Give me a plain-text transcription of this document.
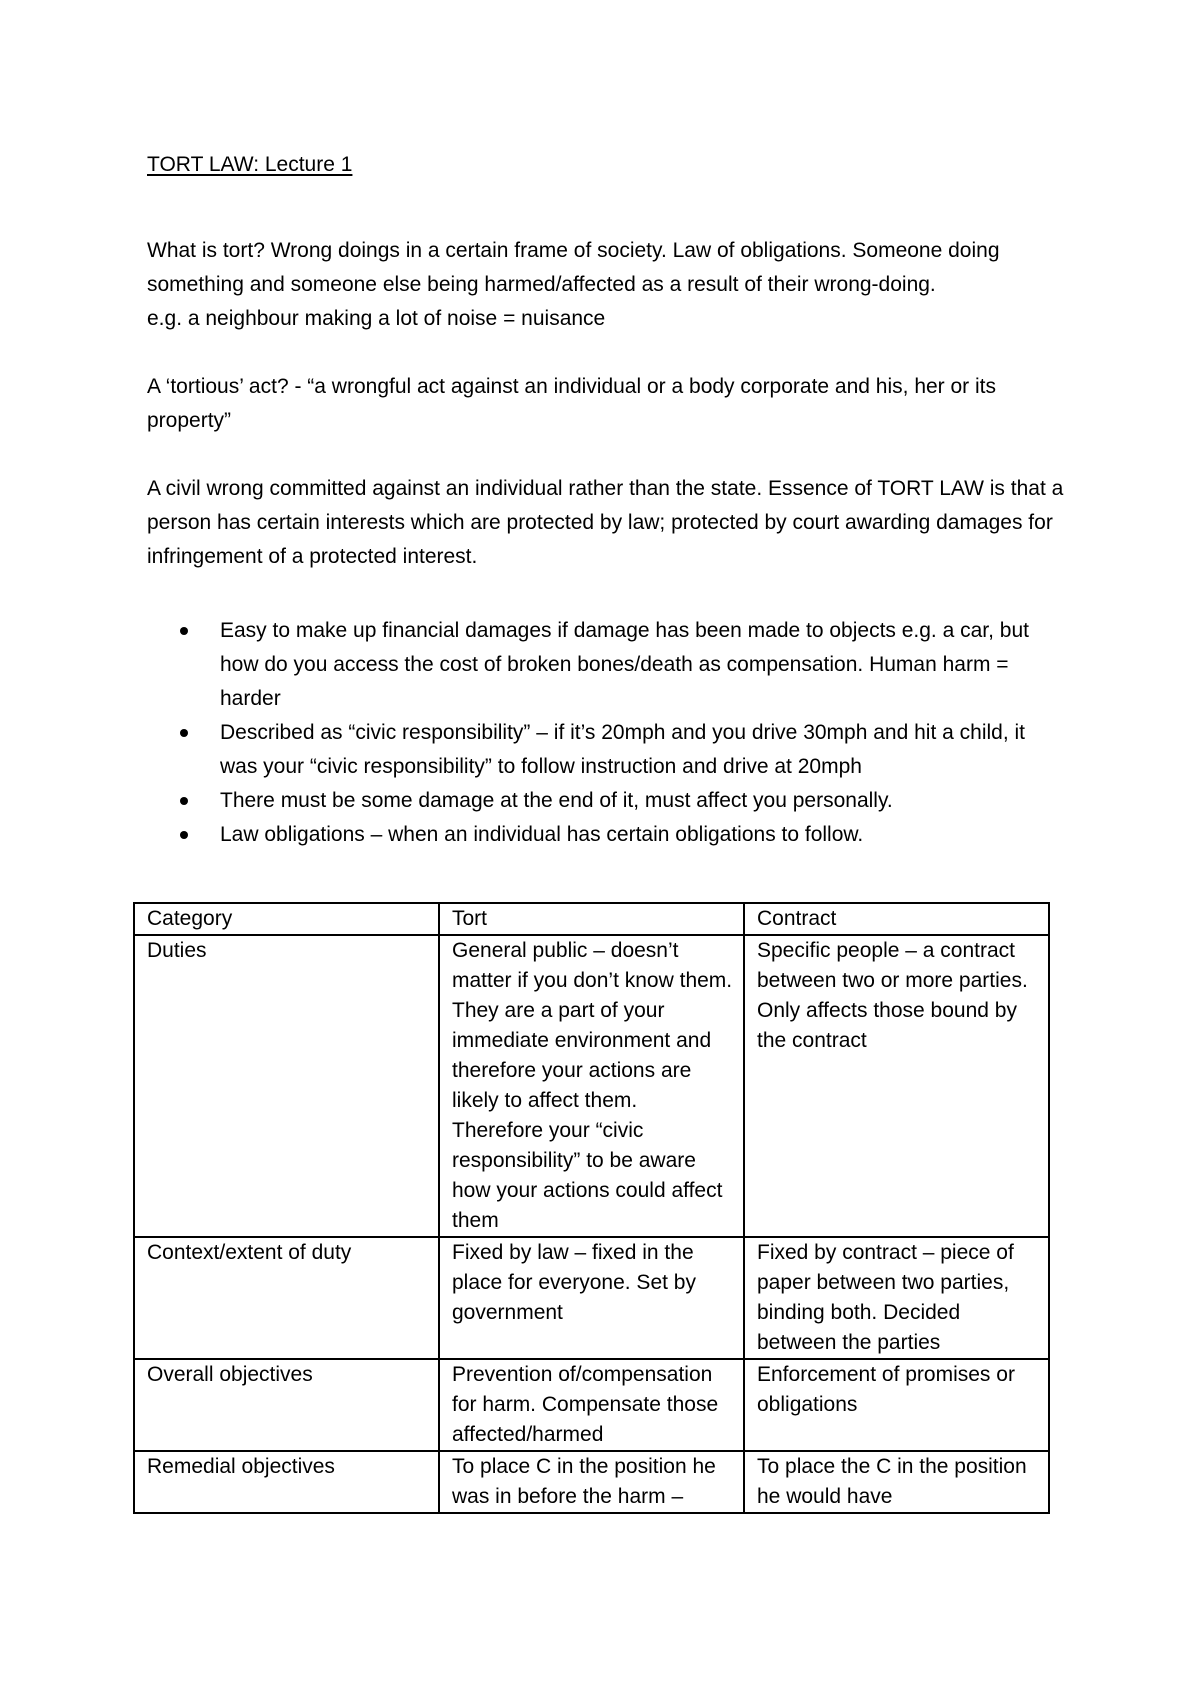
TORT LAW: Lecture 1

What is tort? Wrong doings in a certain frame of society. Law of obligations. Someone doing something and someone else being harmed/affected as a result of their wrong-doing.

e.g. a neighbour making a lot of noise = nuisance

A ‘tortious’ act? - “a wrongful act against an individual or a body corporate and his, her or its property”

A civil wrong committed against an individual rather than the state. Essence of TORT LAW is that a person has certain interests which are protected by law; protected by court awarding damages for infringement of a protected interest.

Easy to make up financial damages if damage has been made to objects e.g. a car, but how do you access the cost of broken bones/death as compensation. Human harm = harder
Described as “civic responsibility” – if it’s 20mph and you drive 30mph and hit a child, it was your “civic responsibility” to follow instruction and drive at 20mph
There must be some damage at the end of it, must affect you personally.
Law obligations – when an individual has certain obligations to follow.
Category	Tort	Contract
Duties	General public – doesn’t matter if you don’t know them. They are a part of your immediate environment and therefore your actions are likely to affect them. Therefore your “civic responsibility” to be aware how your actions could affect them	Specific people – a contract between two or more parties. Only affects those bound by the contract
Context/extent of duty	Fixed by law – fixed in the place for everyone. Set by government	Fixed by contract – piece of paper between two parties, binding both. Decided between the parties
Overall objectives	Prevention of/compensation for harm. Compensate those affected/harmed	Enforcement of promises or obligations
Remedial objectives	To place C in the position he was in before the harm –	To place the C in the position he would have
